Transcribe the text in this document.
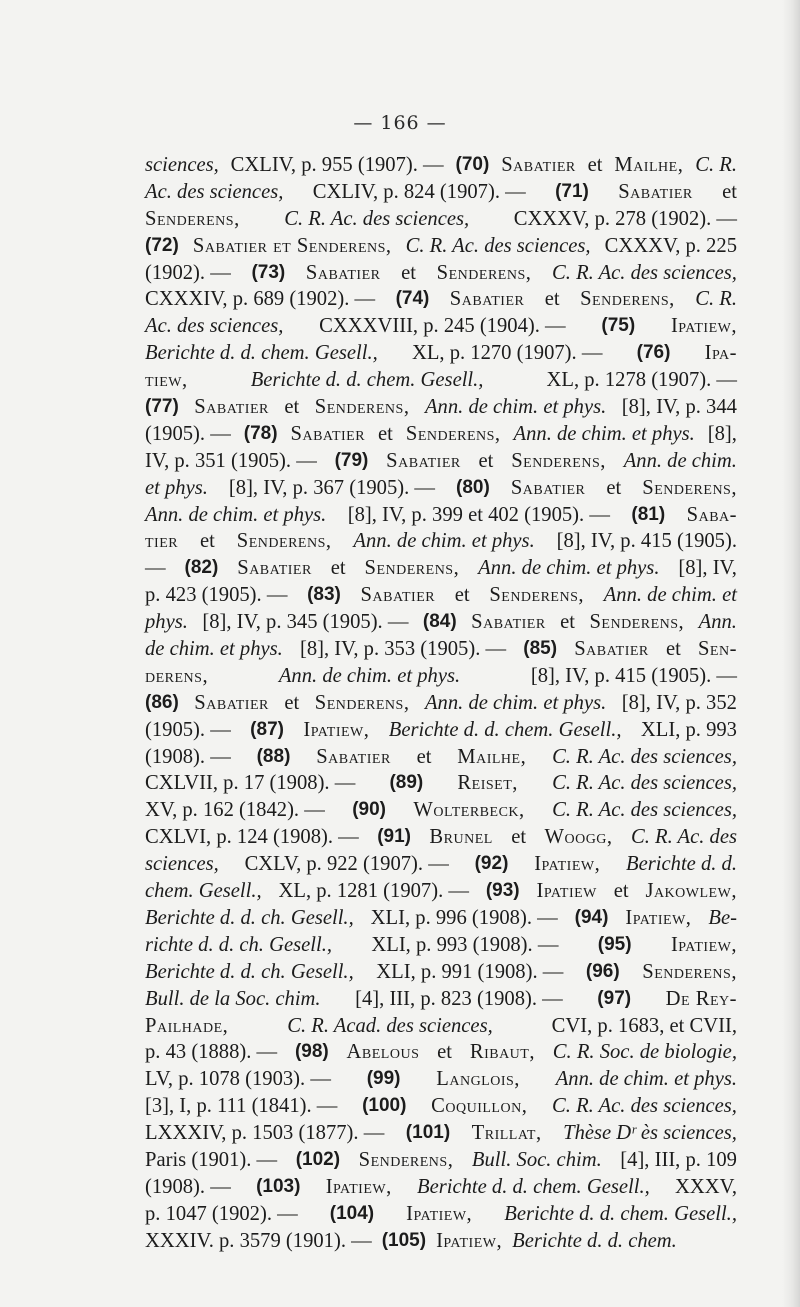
— 166 —
sciences, CXLIV, p. 955 (1907). — (70) Sabatier et Mailhe, C. R.
Ac. des sciences, CXLIV, p. 824 (1907). — (71) Sabatier et
Senderens, C. R. Ac. des sciences, CXXXV, p. 278 (1902). —
(72) Sabatier et Senderens, C. R. Ac. des sciences, CXXXV, p. 225
(1902). — (73) Sabatier et Senderens, C. R. Ac. des sciences,
CXXXIV, p. 689 (1902). — (74) Sabatier et Senderens, C. R.
Ac. des sciences, CXXXVIII, p. 245 (1904). — (75) Ipatiew,
Berichte d. d. chem. Gesell., XL, p. 1270 (1907). — (76) Ipa-
tiew,	Berichte d. d. chem. Gesell.,	XL, p. 1278 (1907). —
(77) Sabatier et Senderens, Ann. de chim. et phys. [8], IV, p. 344
(1905). — (78) Sabatier et Senderens, Ann. de chim. et phys. [8],
IV, p. 351 (1905). — (79) Sabatier et Senderens, Ann. de chim.
et phys. [8], IV, p. 367 (1905). — (80) Sabatier et Senderens,
Ann. de chim. et phys. [8], IV, p. 399 et 402 (1905). — (81) Saba-
tier et Senderens, Ann. de chim. et phys. [8], IV, p. 415 (1905).
— (82) Sabatier et Senderens, Ann. de chim. et phys. [8], IV,
p. 423 (1905). — (83) Sabatier et Senderens, Ann. de chim. et
phys. [8], IV, p. 345 (1905). — (84) Sabatier et Senderens, Ann.
de chim. et phys. [8], IV, p. 353 (1905). — (85) Sabatier et Sen-
derens,	Ann. de chim. et phys.	[8], IV, p. 415 (1905). —
(86) Sabatier et Senderens, Ann. de chim. et phys. [8], IV, p. 352
(1905). — (87) Ipatiew, Berichte d. d. chem. Gesell., XLI, p. 993
(1908). — (88) Sabatier et Mailhe, C. R. Ac. des sciences,
CXLVII, p. 17 (1908). — (89) Reiset, C. R. Ac. des sciences,
XV, p. 162 (1842). — (90) Wolterbeck, C. R. Ac. des sciences,
CXLVI, p. 124 (1908). — (91) Brunel et Woogg, C. R. Ac. des
sciences, CXLV, p. 922 (1907). — (92) Ipatiew, Berichte d. d.
chem. Gesell., XL, p. 1281 (1907). — (93) Ipatiew et Jakowlew,
Berichte d. d. ch. Gesell., XLI, p. 996 (1908). — (94) Ipatiew, Be-
richte d. d. ch. Gesell., XLI, p. 993 (1908). — (95) Ipatiew,
Berichte d. d. ch. Gesell., XLI, p. 991 (1908). — (96) Senderens,
Bull. de la Soc. chim. [4], III, p. 823 (1908). — (97) De Rey-
Pailhade,	C. R. Acad. des sciences,	CVI, p. 1683, et CVII,
p. 43 (1888). — (98) Abelous et Ribaut, C. R. Soc. de biologie,
LV, p. 1078 (1903). — (99) Langlois, Ann. de chim. et phys.
[3], I, p. 111 (1841). — (100) Coquillon, C. R. Ac. des sciences,
LXXXIV, p. 1503 (1877). — (101) Trillat, Thèse Dʳ ès sciences,
Paris (1901). — (102) Senderens, Bull. Soc. chim. [4], III, p. 109
(1908). — (103) Ipatiew, Berichte d. d. chem. Gesell., XXXV,
p. 1047 (1902). — (104) Ipatiew, Berichte d. d. chem. Gesell.,
XXXIV. p. 3579 (1901). — (105) Ipatiew, Berichte d. d. chem.
